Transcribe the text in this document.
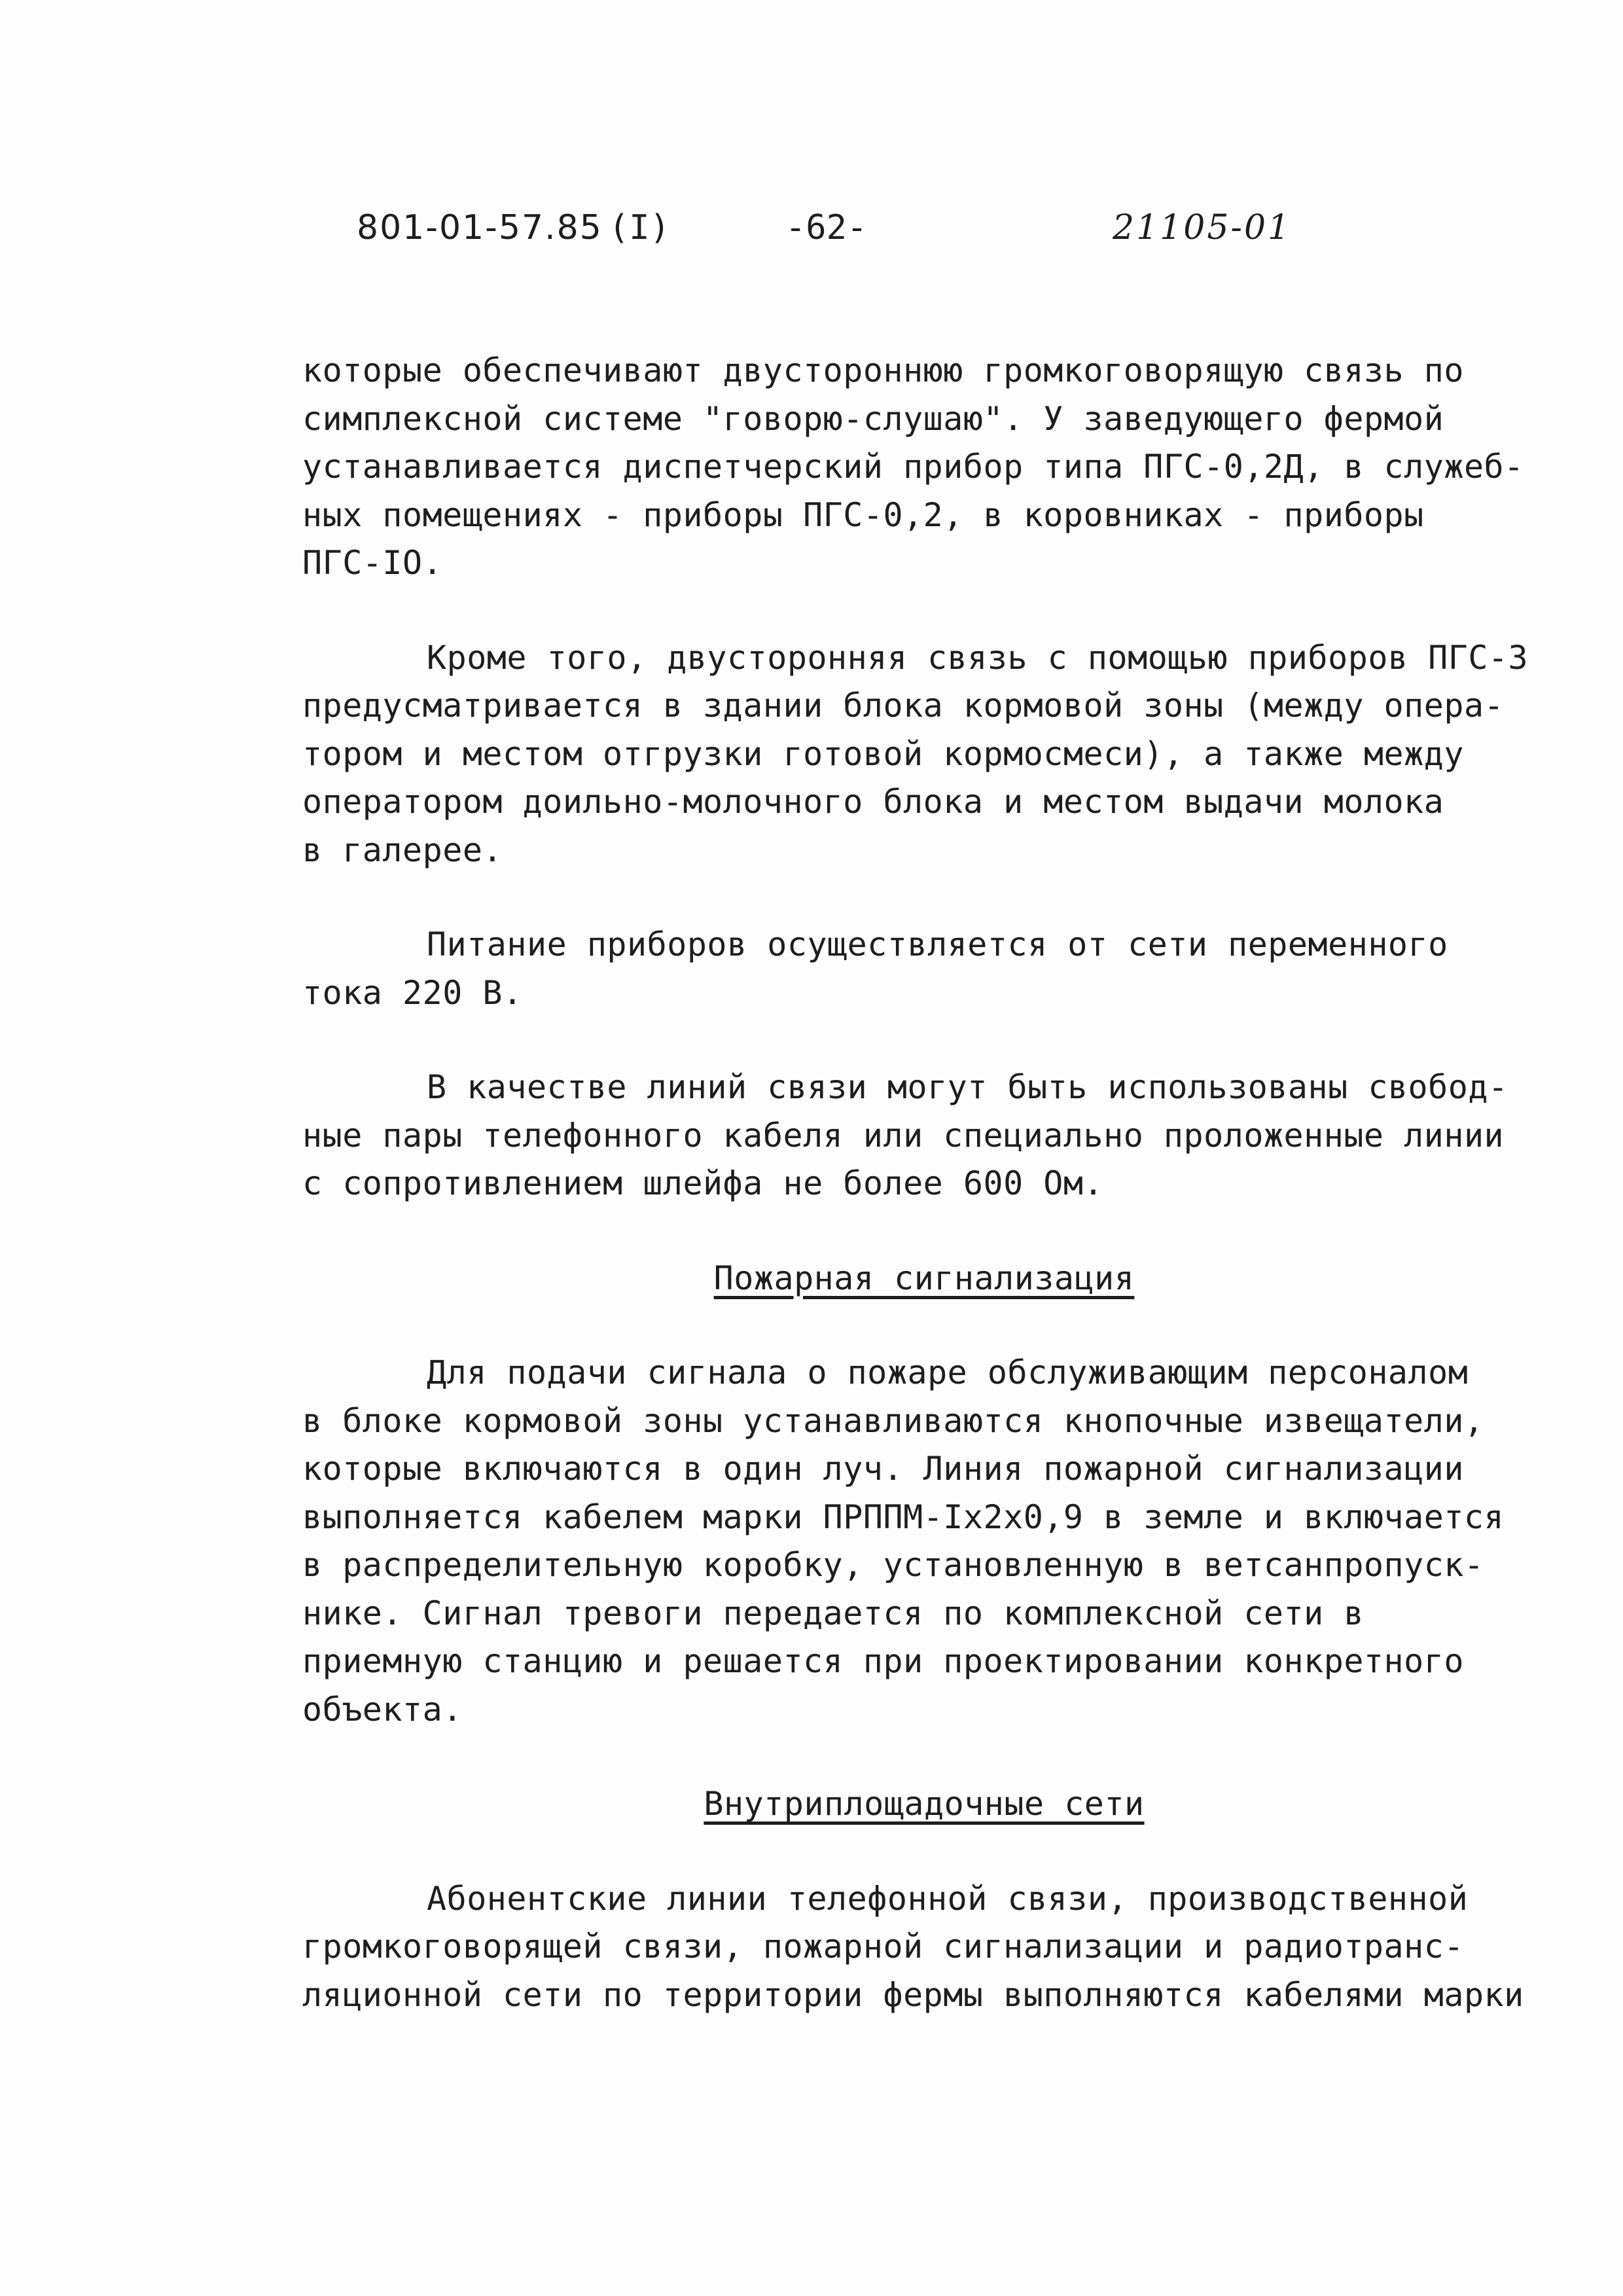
801-01-57.85 (I)	-62-	21105-01

которые обеспечивают двустороннюю громкоговорящую связь по
симплексной системе "говорю-слушаю". У заведующего фермой
устанавливается диспетчерский прибор типа ПГС-0,2Д, в служеб-
ных помещениях - приборы ПГС-0,2, в коровниках - приборы
ПГС-IO.

Кроме того, двусторонняя связь с помощью приборов ПГС-3
предусматривается в здании блока кормовой зоны (между опера-
тором и местом отгрузки готовой кормосмеси), а также между
оператором доильно-молочного блока и местом выдачи молока
в галерее.

Питание приборов осуществляется от сети переменного
тока 220 В.

В качестве линий связи могут быть использованы свобод-
ные пары телефонного кабеля или специально проложенные линии
с сопротивлением шлейфа не более 600 Ом.

Пожарная сигнализация

Для подачи сигнала о пожаре обслуживающим персоналом
в блоке кормовой зоны устанавливаются кнопочные извещатели,
которые включаются в один луч. Линия пожарной сигнализации
выполняется кабелем марки ПРППМ-Iх2х0,9 в земле и включается
в распределительную коробку, установленную в ветсанпропуск-
нике. Сигнал тревоги передается по комплексной сети в
приемную станцию и решается при проектировании конкретного
объекта.

Внутриплощадочные сети

Абонентские линии телефонной связи, производственной
громкоговорящей связи, пожарной сигнализации и радиотранс-
ляционной сети по территории фермы выполняются кабелями марки
